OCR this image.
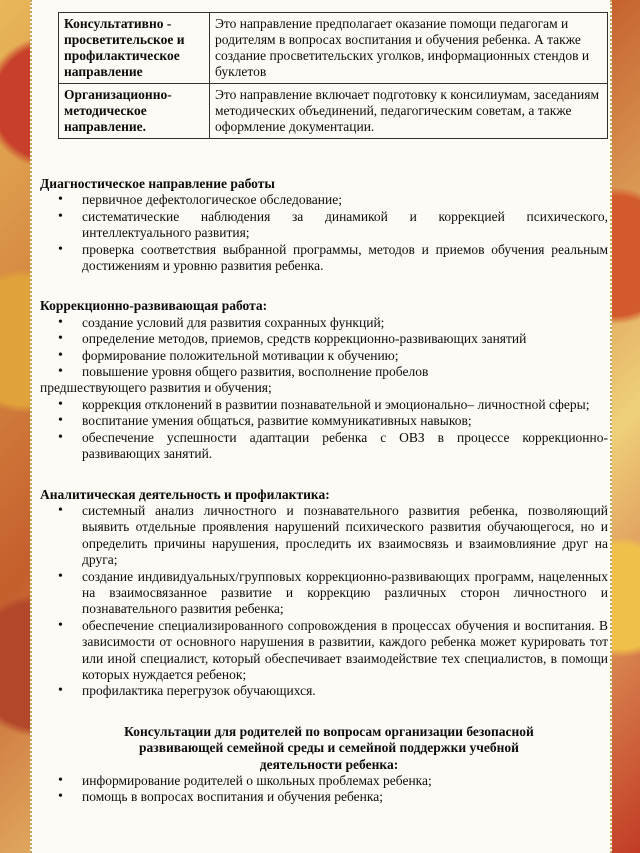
Консультативно - просветительское и профилактическое направление	Это направление предполагает оказание помощи педагогам и родителям в вопросах воспитания и обучения ребенка. А также создание просветительских уголков, информационных стендов и буклетов
Организационно-методическое направление.	Это направление включает подготовку к консилиумам, заседаниям методических объединений, педагогическим советам, а также оформление документации.
Диагностическое направление работы
• первичное дефектологическое обследование;
• систематические наблюдения за динамикой и коррекцией психического, интеллектуального развития;
• проверка соответствия выбранной программы, методов и приемов обучения реальным достижениям и уровню развития ребенка.
Коррекционно-развивающая работа:
• создание условий для развития сохранных функций;
• определение методов, приемов, средств коррекционно-развивающих занятий
• формирование положительной мотивации к обучению;
• повышение уровня общего развития, восполнение пробелов
предшествующего развития и обучения;
• коррекция отклонений в развитии познавательной и эмоционально– личностной сферы;
• воспитание умения общаться, развитие коммуникативных навыков;
• обеспечение успешности адаптации ребенка с ОВЗ в процессе коррекционно-развивающих занятий.
Аналитическая деятельность и профилактика:
• системный анализ личностного и познавательного развития ребенка, позволяющий выявить отдельные проявления нарушений психического развития обучающегося, но и определить причины нарушения, проследить их взаимосвязь и взаимовлияние друг на друга;
• создание индивидуальных/групповых коррекционно-развивающих программ, нацеленных на взаимосвязанное развитие и коррекцию различных сторон личностного и познавательного развития ребенка;
• обеспечение специализированного сопровождения в процессах обучения и воспитания. В зависимости от основного нарушения в развитии, каждого ребенка может курировать тот или иной специалист, который обеспечивает взаимодействие тех специалистов, в помощи которых нуждается ребенок;
• профилактика перегрузок обучающихся.
Консультации для родителей по вопросам организации безопасной развивающей семейной среды и семейной поддержки учебной деятельности ребенка:
• информирование родителей о школьных проблемах ребенка;
• помощь в вопросах воспитания и обучения ребенка;
